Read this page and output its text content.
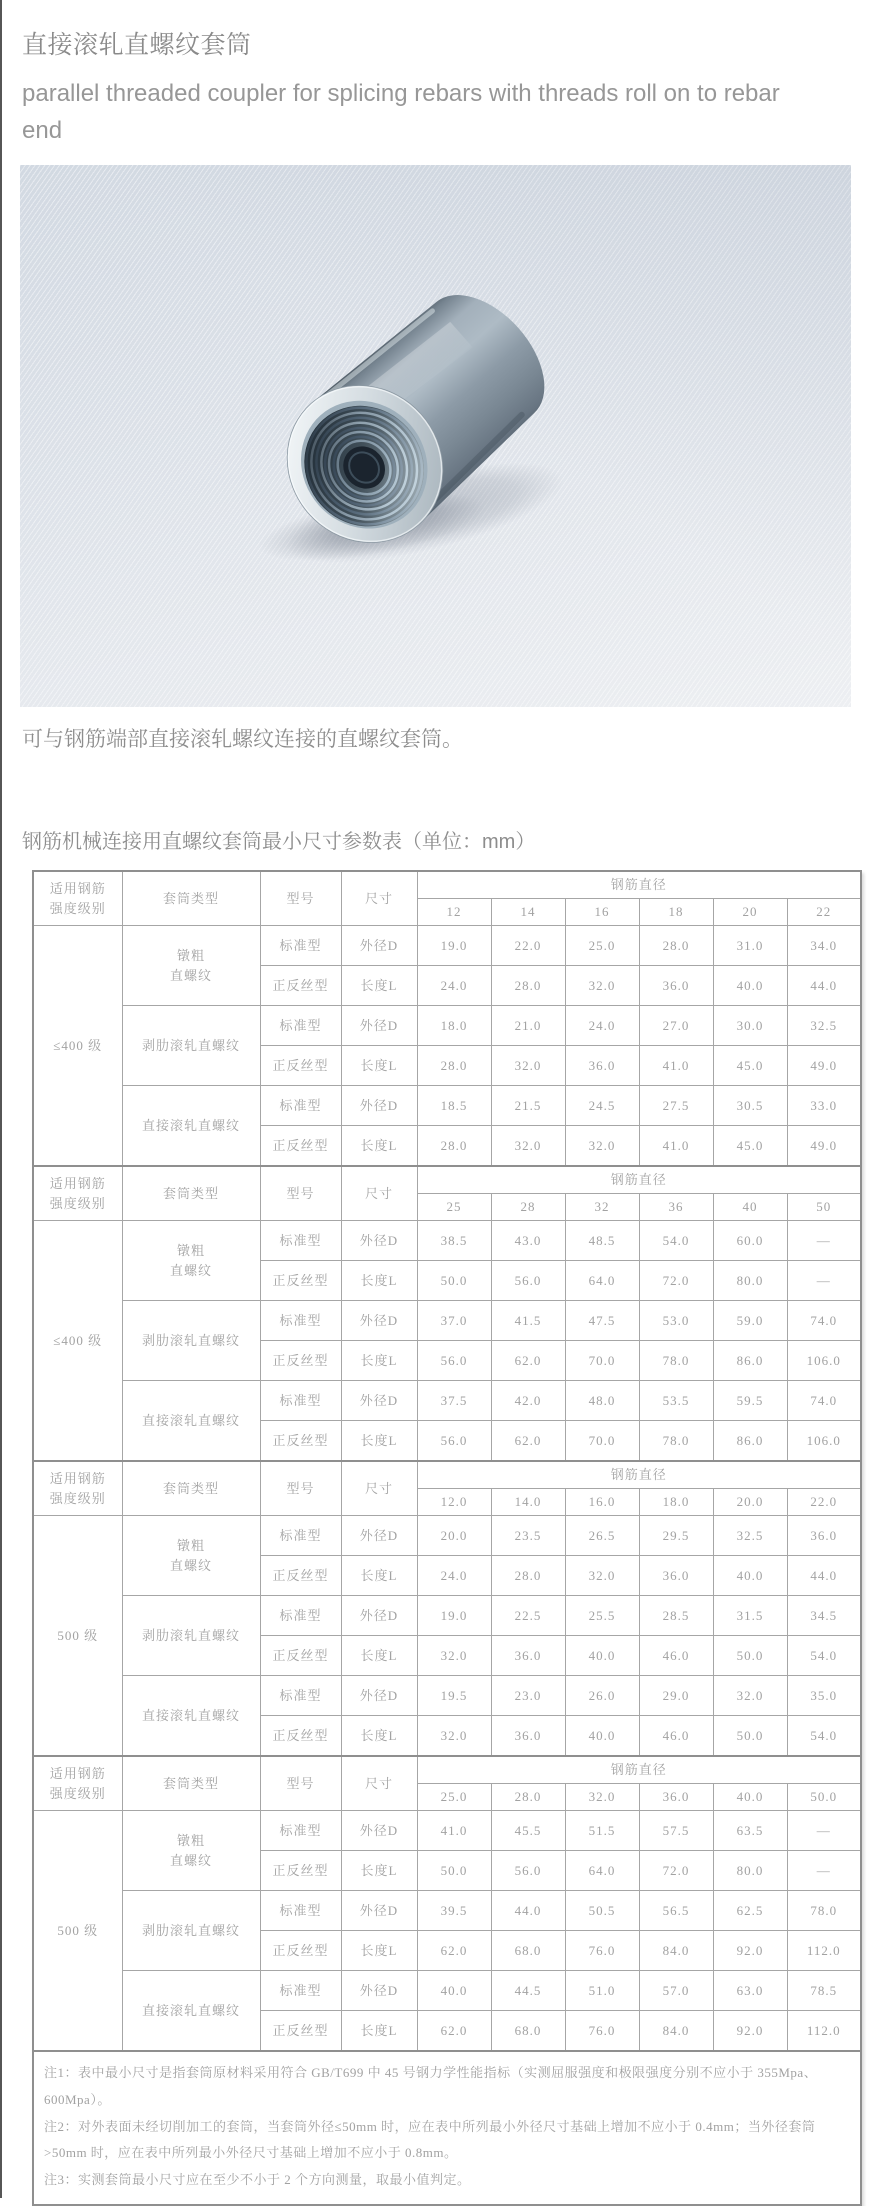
直接滚轧直螺纹套筒

parallel threaded coupler for splicing rebars with threads roll on to rebar end

可与钢筋端部直接滚轧螺纹连接的直螺纹套筒。

钢筋机械连接用直螺纹套筒最小尺寸参数表（单位：mm）
适用钢筋
强度级别	套筒类型	型号	尺寸	钢筋直径					
				12	14	16	18	20	22
≤400 级	镦粗
直螺纹	标准型	外径D	19.0	22.0	25.0	28.0	31.0	34.0
		正反丝型	长度L	24.0	28.0	32.0	36.0	40.0	44.0
	剥肋滚轧直螺纹	标准型	外径D	18.0	21.0	24.0	27.0	30.0	32.5
		正反丝型	长度L	28.0	32.0	36.0	41.0	45.0	49.0
	直接滚轧直螺纹	标准型	外径D	18.5	21.5	24.5	27.5	30.5	33.0
		正反丝型	长度L	28.0	32.0	32.0	41.0	45.0	49.0
适用钢筋
强度级别	套筒类型	型号	尺寸	钢筋直径					
				25	28	32	36	40	50
≤400 级	镦粗
直螺纹	标准型	外径D	38.5	43.0	48.5	54.0	60.0	—
		正反丝型	长度L	50.0	56.0	64.0	72.0	80.0	—
	剥肋滚轧直螺纹	标准型	外径D	37.0	41.5	47.5	53.0	59.0	74.0
		正反丝型	长度L	56.0	62.0	70.0	78.0	86.0	106.0
	直接滚轧直螺纹	标准型	外径D	37.5	42.0	48.0	53.5	59.5	74.0
		正反丝型	长度L	56.0	62.0	70.0	78.0	86.0	106.0
适用钢筋
强度级别	套筒类型	型号	尺寸	钢筋直径					
				12.0	14.0	16.0	18.0	20.0	22.0
500 级	镦粗
直螺纹	标准型	外径D	20.0	23.5	26.5	29.5	32.5	36.0
		正反丝型	长度L	24.0	28.0	32.0	36.0	40.0	44.0
	剥肋滚轧直螺纹	标准型	外径D	19.0	22.5	25.5	28.5	31.5	34.5
		正反丝型	长度L	32.0	36.0	40.0	46.0	50.0	54.0
	直接滚轧直螺纹	标准型	外径D	19.5	23.0	26.0	29.0	32.0	35.0
		正反丝型	长度L	32.0	36.0	40.0	46.0	50.0	54.0
适用钢筋
强度级别	套筒类型	型号	尺寸	钢筋直径					
				25.0	28.0	32.0	36.0	40.0	50.0
500 级	镦粗
直螺纹	标准型	外径D	41.0	45.5	51.5	57.5	63.5	—
		正反丝型	长度L	50.0	56.0	64.0	72.0	80.0	—
	剥肋滚轧直螺纹	标准型	外径D	39.5	44.0	50.5	56.5	62.5	78.0
		正反丝型	长度L	62.0	68.0	76.0	84.0	92.0	112.0
	直接滚轧直螺纹	标准型	外径D	40.0	44.5	51.0	57.0	63.0	78.5
		正反丝型	长度L	62.0	68.0	76.0	84.0	92.0	112.0

注1：表中最小尺寸是指套筒原材料采用符合 GB/T699 中 45 号钢力学性能指标（实测屈服强度和极限强度分别不应小于 355Mpa、600Mpa）。
注2：对外表面未经切削加工的套筒，当套筒外径≤50mm 时，应在表中所列最小外径尺寸基础上增加不应小于 0.4mm；当外径套筒>50mm 时，应在表中所列最小外径尺寸基础上增加不应小于 0.8mm。
注3：实测套筒最小尺寸应在至少不小于 2 个方向测量，取最小值判定。									
